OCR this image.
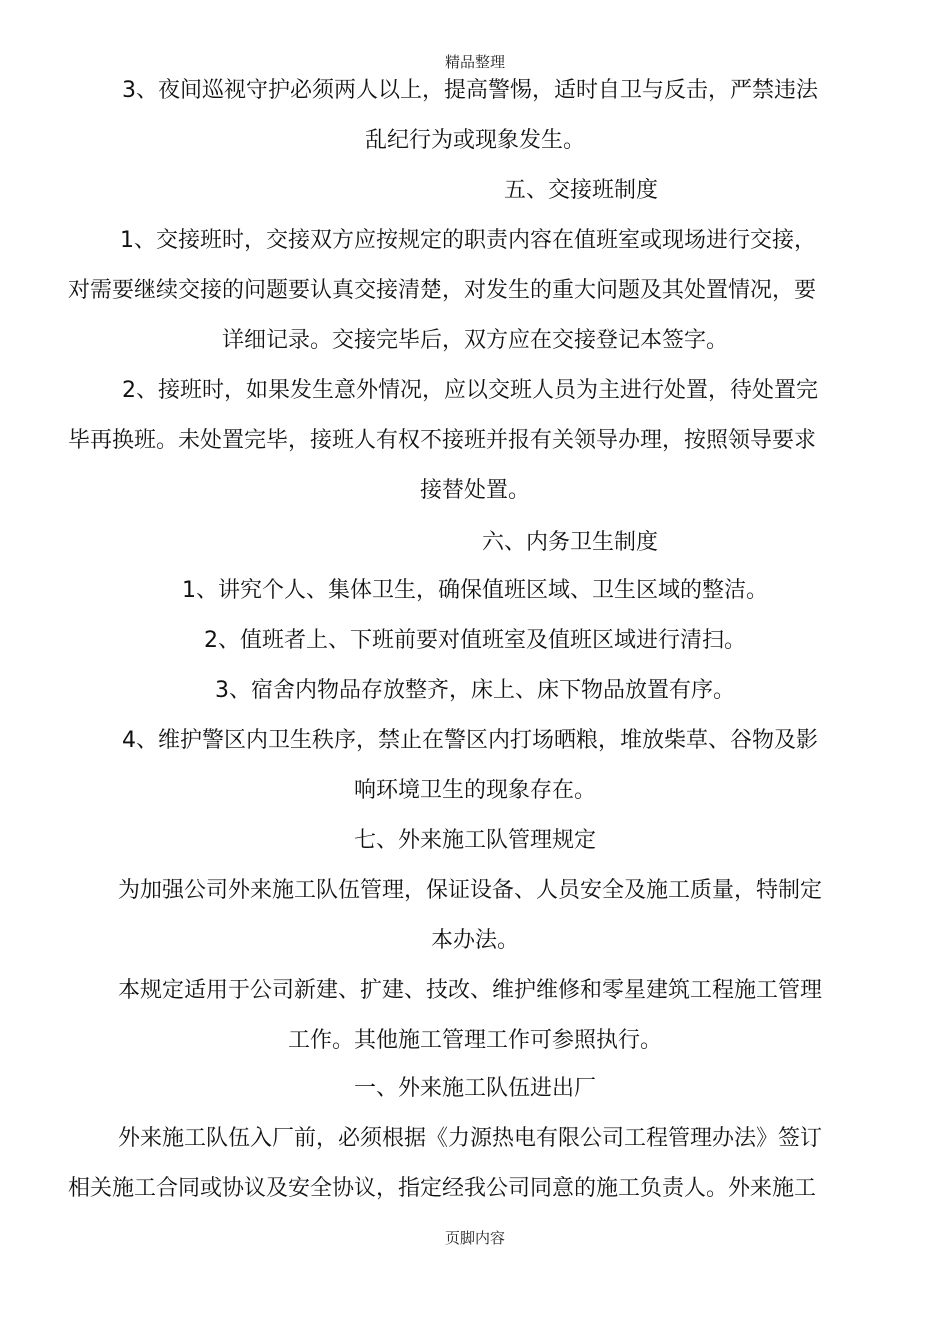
精品整理
3、夜间巡视守护必须两人以上，提高警惕，适时自卫与反击，严禁违法
乱纪行为或现象发生。
五、交接班制度
1、交接班时，交接双方应按规定的职责内容在值班室或现场进行交接，
对需要继续交接的问题要认真交接清楚，对发生的重大问题及其处置情况，要
详细记录。交接完毕后，双方应在交接登记本签字。
2、接班时，如果发生意外情况，应以交班人员为主进行处置，待处置完
毕再换班。未处置完毕，接班人有权不接班并报有关领导办理，按照领导要求
接替处置。
六、内务卫生制度
1、讲究个人、集体卫生，确保值班区域、卫生区域的整洁。
2、值班者上、下班前要对值班室及值班区域进行清扫。
3、宿舍内物品存放整齐，床上、床下物品放置有序。
4、维护警区内卫生秩序，禁止在警区内打场晒粮，堆放柴草、谷物及影
响环境卫生的现象存在。
七、外来施工队管理规定
为加强公司外来施工队伍管理，保证设备、人员安全及施工质量，特制定
本办法。
本规定适用于公司新建、扩建、技改、维护维修和零星建筑工程施工管理
工作。其他施工管理工作可参照执行。
一、外来施工队伍进出厂
外来施工队伍入厂前，必须根据《力源热电有限公司工程管理办法》签订
相关施工合同或协议及安全协议，指定经我公司同意的施工负责人。外来施工
页脚内容
